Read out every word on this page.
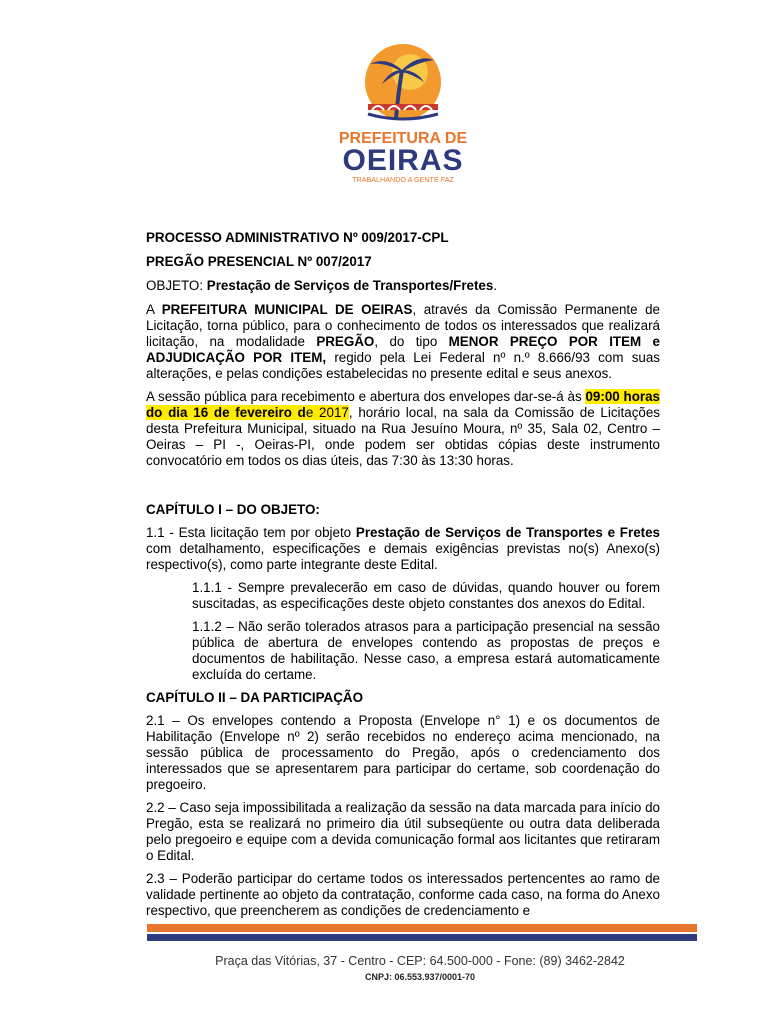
PREFEITURA DE
OEIRAS
TRABALHANDO A GENTE FAZ

PROCESSO ADMINISTRATIVO Nº 009/2017-CPL

PREGÃO PRESENCIAL Nº 007/2017

OBJETO: Prestação de Serviços de Transportes/Fretes.

A PREFEITURA MUNICIPAL DE OEIRAS, através da Comissão Permanente de Licitação, torna público, para o conhecimento de todos os interessados que realizará licitação, na modalidade PREGÃO, do tipo MENOR PREÇO POR ITEM e ADJUDICAÇÃO POR ITEM, regido pela Lei Federal nº n.º 8.666/93 com suas alterações, e pelas condições estabelecidas no presente edital e seus anexos.

A sessão pública para recebimento e abertura dos envelopes dar-se-á às 09:00 horas do dia 16 de fevereiro de 2017, horário local, na sala da Comissão de Licitações desta Prefeitura Municipal, situado na Rua Jesuíno Moura, nº 35, Sala 02, Centro – Oeiras – PI -, Oeiras-PI, onde podem ser obtidas cópias deste instrumento convocatório em todos os dias úteis, das 7:30 às 13:30 horas.

CAPÍTULO I – DO OBJETO:

1.1 - Esta licitação tem por objeto Prestação de Serviços de Transportes e Fretes com detalhamento, especificações e demais exigências previstas no(s) Anexo(s) respectivo(s), como parte integrante deste Edital.

1.1.1 - Sempre prevalecerão em caso de dúvidas, quando houver ou forem suscitadas, as especificações deste objeto constantes dos anexos do Edital.

1.1.2 – Não serão tolerados atrasos para a participação presencial na sessão pública de abertura de envelopes contendo as propostas de preços e documentos de habilitação. Nesse caso, a empresa estará automaticamente excluída do certame.

CAPÍTULO II – DA PARTICIPAÇÃO

2.1 – Os envelopes contendo a Proposta (Envelope n° 1) e os documentos de Habilitação (Envelope nº 2) serão recebidos no endereço acima mencionado, na sessão pública de processamento do Pregão, após o credenciamento dos interessados que se apresentarem para participar do certame, sob coordenação do pregoeiro.

2.2 – Caso seja impossibilitada a realização da sessão na data marcada para início do Pregão, esta se realizará no primeiro dia útil subseqüente ou outra data deliberada pelo pregoeiro e equipe com a devida comunicação formal aos licitantes que retiraram o Edital.

2.3 – Poderão participar do certame todos os interessados pertencentes ao ramo de validade pertinente ao objeto da contratação, conforme cada caso, na forma do Anexo respectivo, que preencherem as condições de credenciamento e

Praça das Vitórias, 37 - Centro - CEP: 64.500-000 - Fone: (89) 3462-2842
CNPJ: 06.553.937/0001-70
